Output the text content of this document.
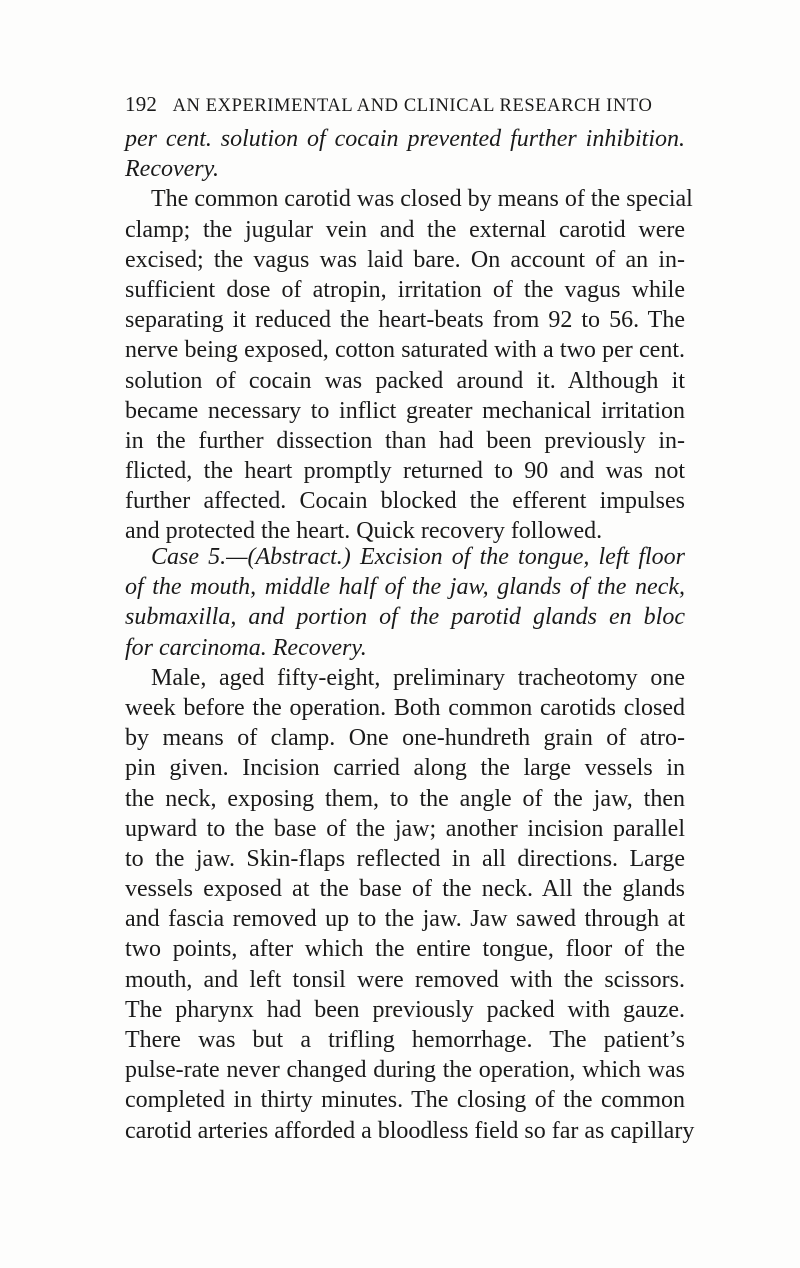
192 AN EXPERIMENTAL AND CLINICAL RESEARCH INTO
per cent. solution of cocain prevented further inhibition.
Recovery.
The common carotid was closed by means of the special
clamp; the jugular vein and the external carotid were
excised; the vagus was laid bare. On account of an in-
sufficient dose of atropin, irritation of the vagus while
separating it reduced the heart-beats from 92 to 56. The
nerve being exposed, cotton saturated with a two per cent.
solution of cocain was packed around it. Although it
became necessary to inflict greater mechanical irritation
in the further dissection than had been previously in-
flicted, the heart promptly returned to 90 and was not
further affected. Cocain blocked the efferent impulses
and protected the heart. Quick recovery followed.
Case 5.—(Abstract.) Excision of the tongue, left floor
of the mouth, middle half of the jaw, glands of the neck,
submaxilla, and portion of the parotid glands en bloc
for carcinoma. Recovery.
Male, aged fifty-eight, preliminary tracheotomy one
week before the operation. Both common carotids closed
by means of clamp. One one-hundreth grain of atro-
pin given. Incision carried along the large vessels in
the neck, exposing them, to the angle of the jaw, then
upward to the base of the jaw; another incision parallel
to the jaw. Skin-flaps reflected in all directions. Large
vessels exposed at the base of the neck. All the glands
and fascia removed up to the jaw. Jaw sawed through at
two points, after which the entire tongue, floor of the
mouth, and left tonsil were removed with the scissors.
The pharynx had been previously packed with gauze.
There was but a trifling hemorrhage. The patient’s
pulse-rate never changed during the operation, which was
completed in thirty minutes. The closing of the common
carotid arteries afforded a bloodless field so far as capillary
